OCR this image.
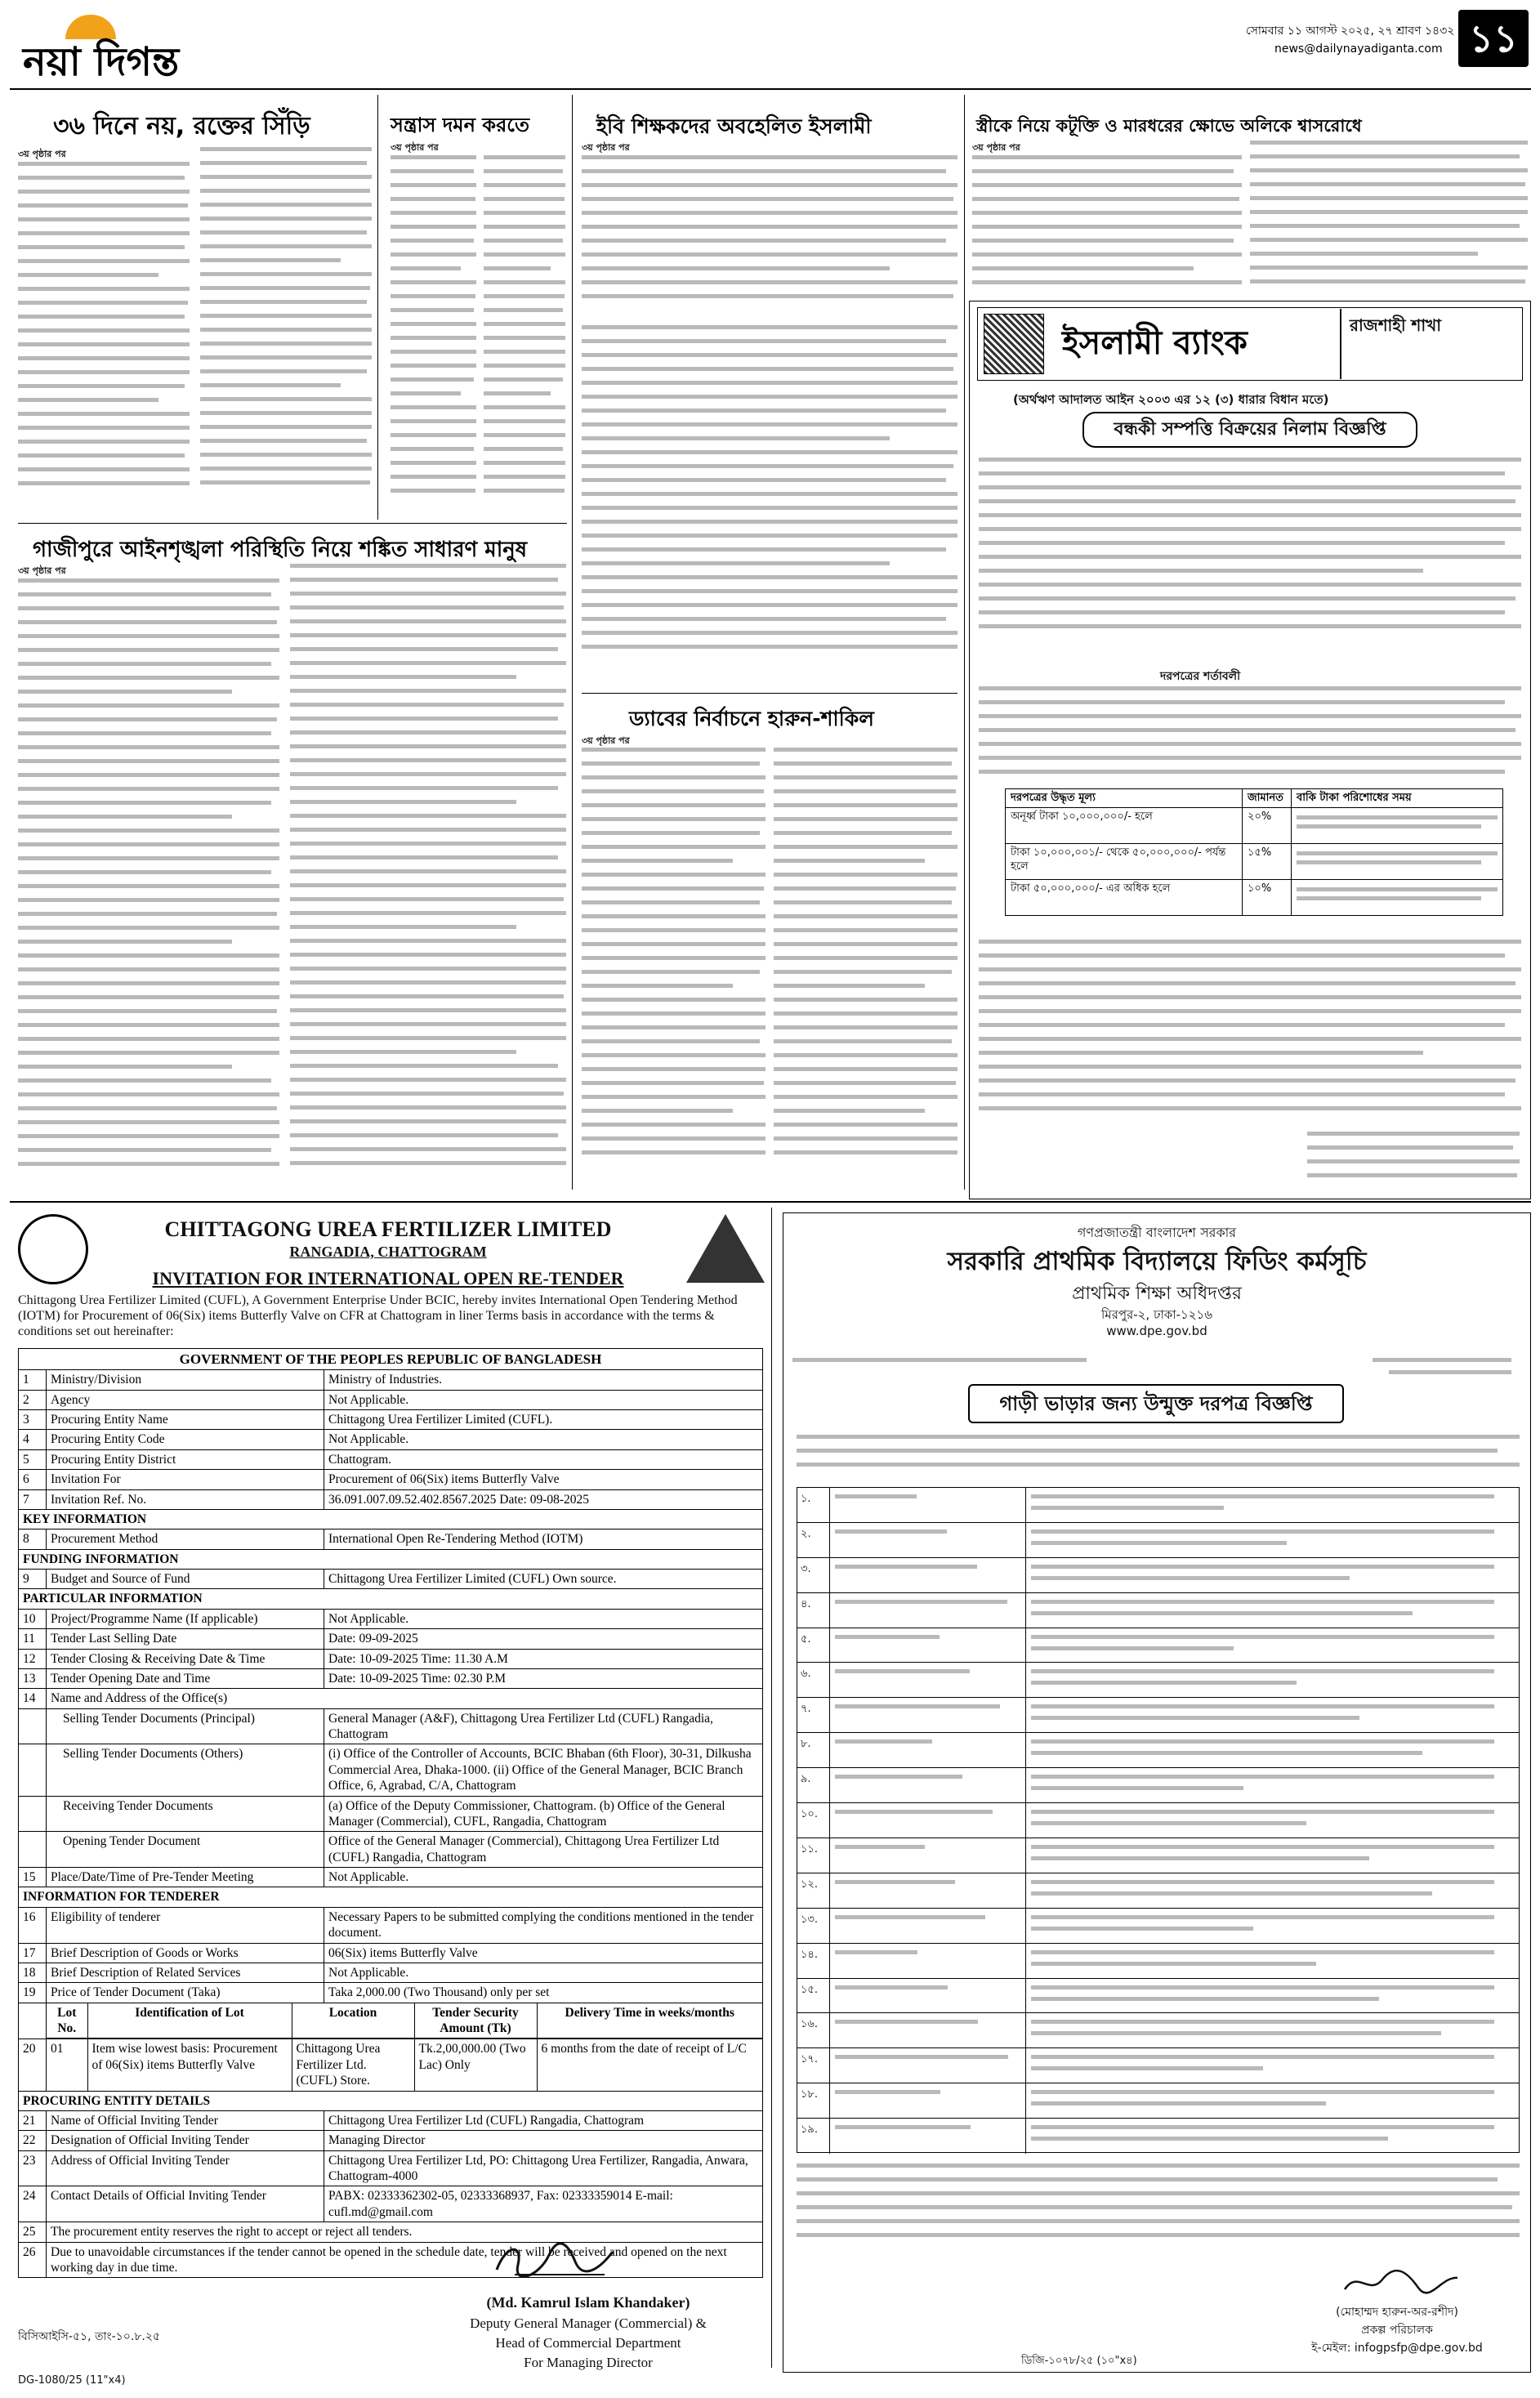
নয়া দিগন্ত
সোমবার ১১ আগস্ট ২০২৫, ২৭ শ্রাবণ ১৪৩২
news@dailynayadiganta.com ১১
৩৬ দিনে নয়, রক্তের সিঁড়ি
৩য় পৃষ্ঠার পর
সন্ত্রাস দমন করতে
৩য় পৃষ্ঠার পর
ইবি শিক্ষকদের অবহেলিত ইসলামী
৩য় পৃষ্ঠার পর
ড্যাবের নির্বাচনে হারুন-শাকিল
৩য় পৃষ্ঠার পর
স্ত্রীকে নিয়ে কটূক্তি ও মারধরের ক্ষোভে অলিকে শ্বাসরোধে
৩য় পৃষ্ঠার পর
গাজীপুরে আইনশৃঙ্খলা পরিস্থিতি নিয়ে শঙ্কিত সাধারণ মানুষ
৩য় পৃষ্ঠার পর
ইসলামী ব্যাংক	রাজশাহী শাখা
(অর্থঋণ আদালত আইন ২০০৩ এর ১২ (৩) ধারার বিধান মতে)
বন্ধকী সম্পত্তি বিক্রয়ের নিলাম বিজ্ঞপ্তি
দরপত্রের শর্তাবলী
দরপত্রের উদ্ধৃত মূল্য	জামানত	বাকি টাকা পরিশোধের সময়
অনূর্ধ্ব টাকা ১০,০০০,০০০/- হলে	২০%	

টাকা ১০,০০০,০০১/- থেকে ৫০,০০০,০০০/- পর্যন্ত হলে	১৫%	

টাকা ৫০,০০০,০০০/- এর অধিক হলে	১০%	
CHITTAGONG UREA FERTILIZER LIMITED
RANGADIA, CHATTOGRAM
INVITATION FOR INTERNATIONAL OPEN RE-TENDER
Chittagong Urea Fertilizer Limited (CUFL), A Government Enterprise Under BCIC, hereby invites International Open Tendering Method (IOTM) for Procurement of 06(Six) items Butterfly Valve on CFR at Chattogram in liner Terms basis in accordance with the terms & conditions set out hereinafter:
GOVERNMENT OF THE PEOPLES REPUBLIC OF BANGLADESH
1	Ministry/Division	Ministry of Industries.
2	Agency	Not Applicable.
3	Procuring Entity Name	Chittagong Urea Fertilizer Limited (CUFL).
4	Procuring Entity Code	Not Applicable.
5	Procuring Entity District	Chattogram.
6	Invitation For	Procurement of 06(Six) items Butterfly Valve
7	Invitation Ref. No.	36.091.007.09.52.402.8567.2025 Date: 09-08-2025
KEY INFORMATION
8	Procurement Method	International Open Re-Tendering Method (IOTM)
FUNDING INFORMATION
9	Budget and Source of Fund	Chittagong Urea Fertilizer Limited (CUFL) Own source.
PARTICULAR INFORMATION
10	Project/Programme Name (If applicable)	Not Applicable.
11	Tender Last Selling Date	Date: 09-09-2025
12	Tender Closing & Receiving Date & Time	Date: 10-09-2025 Time: 11.30 A.M
13	Tender Opening Date and Time	Date: 10-09-2025 Time: 02.30 P.M
14	Name and Address of the Office(s)
	Selling Tender Documents (Principal)	General Manager (A&F), Chittagong Urea Fertilizer Ltd (CUFL) Rangadia, Chattogram
	Selling Tender Documents (Others)	(i) Office of the Controller of Accounts, BCIC Bhaban (6th Floor), 30-31, Dilkusha Commercial Area, Dhaka-1000. (ii) Office of the General Manager, BCIC Branch Office, 6, Agrabad, C/A, Chattogram
	Receiving Tender Documents	(a) Office of the Deputy Commissioner, Chattogram. (b) Office of the General Manager (Commercial), CUFL, Rangadia, Chattogram
	Opening Tender Document	Office of the General Manager (Commercial), Chittagong Urea Fertilizer Ltd (CUFL) Rangadia, Chattogram
15	Place/Date/Time of Pre-Tender Meeting	Not Applicable.
INFORMATION FOR TENDERER
16	Eligibility of tenderer	Necessary Papers to be submitted complying the conditions mentioned in the tender document.
17	Brief Description of Goods or Works	06(Six) items Butterfly Valve
18	Brief Description of Related Services	Not Applicable.
19	Price of Tender Document (Taka)	Taka 2,000.00 (Two Thousand) only per set

Lot No.	Identification of Lot	Location	Tender Security Amount (Tk)	Delivery Time in weeks/months

20	01	Item wise lowest basis: Procurement of 06(Six) items Butterfly Valve	Chittagong Urea Fertilizer Ltd. (CUFL) Store.	Tk.2,00,000.00 (Two Lac) Only	6 months from the date of receipt of L/C

PROCURING ENTITY DETAILS
21	Name of Official Inviting Tender	Chittagong Urea Fertilizer Ltd (CUFL) Rangadia, Chattogram
22	Designation of Official Inviting Tender	Managing Director
23	Address of Official Inviting Tender	Chittagong Urea Fertilizer Ltd, PO: Chittagong Urea Fertilizer, Rangadia, Anwara, Chattogram-4000
24	Contact Details of Official Inviting Tender	PABX: 02333362302-05, 02333368937, Fax: 02333359014 E-mail: cufl.md@gmail.com
25	The procurement entity reserves the right to accept or reject all tenders.
26	Due to unavoidable circumstances if the tender cannot be opened in the schedule date, tender will be received and opened on the next working day in due time.
(Md. Kamrul Islam Khandaker)
Deputy General Manager (Commercial) &
Head of Commercial Department
For Managing Director
বিসিআইসি-৫১, তাং-১০.৮.২৫
DG-1080/25 (11"x4)
গণপ্রজাতন্ত্রী বাংলাদেশ সরকার
সরকারি প্রাথমিক বিদ্যালয়ে ফিডিং কর্মসূচি
প্রাথমিক শিক্ষা অধিদপ্তর
মিরপুর-২, ঢাকা-১২১৬
www.dpe.gov.bd
গাড়ী ভাড়ার জন্য উন্মুক্ত দরপত্র বিজ্ঞপ্তি
১.
২.
৩.
৪.
৫.
৬.
৭.
৮.
৯.
১০.
১১.
১২.
১৩.
১৪.
১৫.
১৬.
১৭.
১৮.
১৯.
(মোহাম্মদ হারুন-অর-রশীদ)
প্রকল্প পরিচালক
ই-মেইল: infogpsfp@dpe.gov.bd
ডিজি-১০৭৮/২৫ (১০"x৪)
